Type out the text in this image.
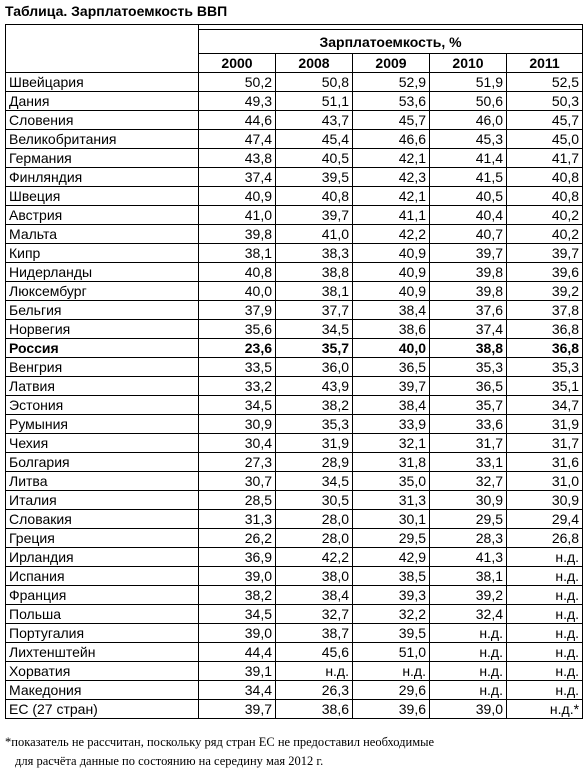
Таблица. Зарплатоемкость ВВП

	Зарплатоемкость, %				
	2000	2008	2009	2010	2011
Швейцария	50,2	50,8	52,9	51,9	52,5
Дания	49,3	51,1	53,6	50,6	50,3
Словения	44,6	43,7	45,7	46,0	45,7
Великобритания	47,4	45,4	46,6	45,3	45,0
Германия	43,8	40,5	42,1	41,4	41,7
Финляндия	37,4	39,5	42,3	41,5	40,8
Швеция	40,9	40,8	42,1	40,5	40,8
Австрия	41,0	39,7	41,1	40,4	40,2
Мальта	39,8	41,0	42,2	40,7	40,2
Кипр	38,1	38,3	40,9	39,7	39,7
Нидерланды	40,8	38,8	40,9	39,8	39,6
Люксембург	40,0	38,1	40,9	39,8	39,2
Бельгия	37,9	37,7	38,4	37,6	37,8
Норвегия	35,6	34,5	38,6	37,4	36,8
Россия	23,6	35,7	40,0	38,8	36,8
Венгрия	33,5	36,0	36,5	35,3	35,3
Латвия	33,2	43,9	39,7	36,5	35,1
Эстония	34,5	38,2	38,4	35,7	34,7
Румыния	30,9	35,3	33,9	33,6	31,9
Чехия	30,4	31,9	32,1	31,7	31,7
Болгария	27,3	28,9	31,8	33,1	31,6
Литва	30,7	34,5	35,0	32,7	31,0
Италия	28,5	30,5	31,3	30,9	30,9
Словакия	31,3	28,0	30,1	29,5	29,4
Греция	26,2	28,0	29,5	28,3	26,8
Ирландия	36,9	42,2	42,9	41,3	н.д.
Испания	39,0	38,0	38,5	38,1	н.д.
Франция	38,2	38,4	39,3	39,2	н.д.
Польша	34,5	32,7	32,2	32,4	н.д.
Португалия	39,0	38,7	39,5	н.д.	н.д.
Лихтенштейн	44,4	45,6	51,0	н.д.	н.д.
Хорватия	39,1	н.д.	н.д.	н.д.	н.д.
Македония	34,4	26,3	29,6	н.д.	н.д.
ЕС (27 стран)	39,7	38,6	39,6	39,0	н.д.*
*показатель не рассчитан, поскольку ряд стран ЕС не предоставил необходимые
для расчёта данные по состоянию на середину мая 2012 г.
